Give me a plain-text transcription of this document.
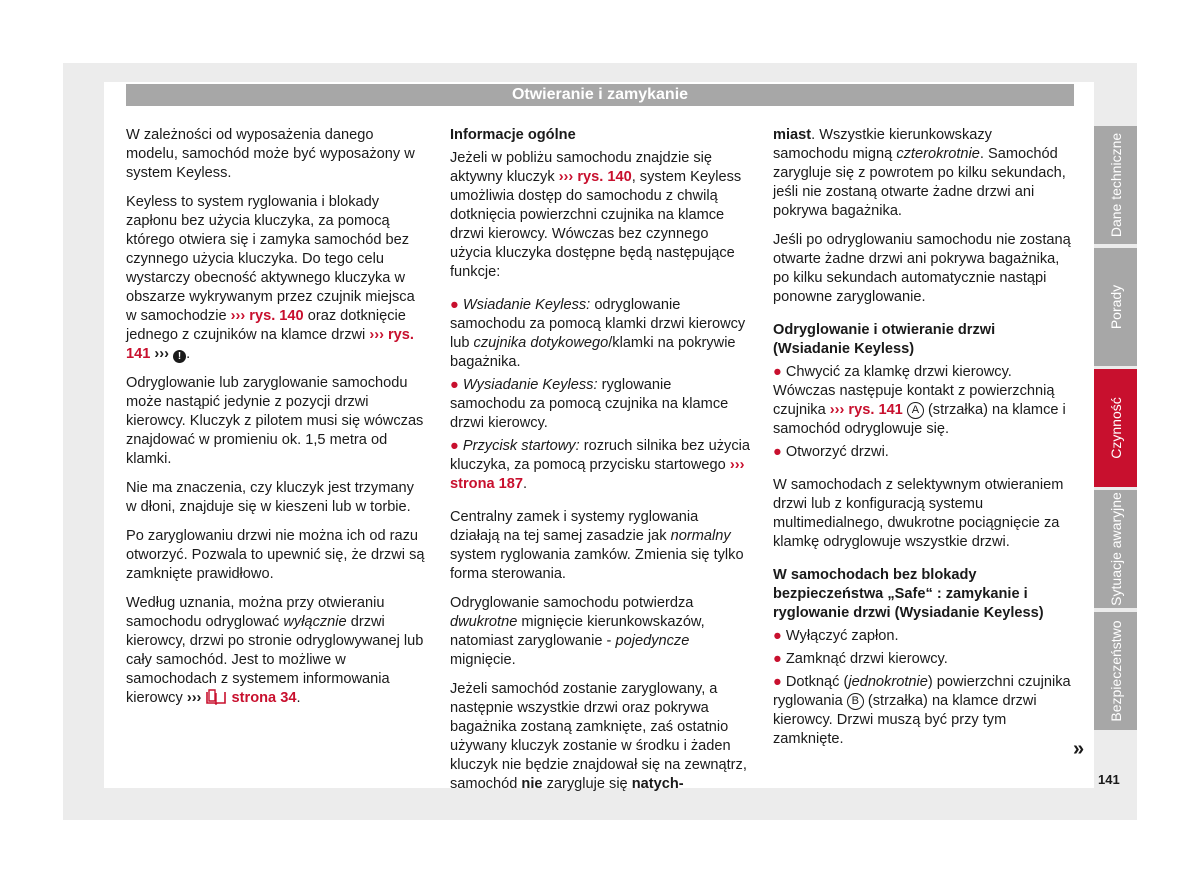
Otwieranie i zamykanie

W zależności od wyposażenia danego modelu, samochód może być wyposażony w system Keyless.

Keyless to system ryglowania i blokady zapłonu bez użycia kluczyka, za pomocą którego otwiera się i zamyka samochód bez czynnego użycia kluczyka. Do tego celu wystarczy obecność aktywnego kluczyka w obszarze wykrywanym przez czujnik miejsca w samochodzie ››› rys. 140 oraz dotknięcie jednego z czujników na klamce drzwi ››› rys. 141 ››› ! .

Odryglowanie lub zaryglowanie samochodu może nastąpić jedynie z pozycji drzwi kierowcy. Kluczyk z pilotem musi się wówczas znajdować w promieniu ok. 1,5 metra od klamki.

Nie ma znaczenia, czy kluczyk jest trzymany w dłoni, znajduje się w kieszeni lub w torbie.

Po zaryglowaniu drzwi nie można ich od razu otworzyć. Pozwala to upewnić się, że drzwi są zamknięte prawidłowo.

Według uznania, można przy otwieraniu samochodu odryglować wyłącznie drzwi kierowcy, drzwi po stronie odryglowywanej lub cały samochód. Jest to możliwe w samochodach z systemem informowania kierowcy ››› strona 34.

Informacje ogólne

Jeżeli w pobliżu samochodu znajdzie się aktywny kluczyk ››› rys. 140, system Keyless umożliwia dostęp do samochodu z chwilą dotknięcia powierzchni czujnika na klamce drzwi kierowcy. Wówczas bez czynnego użycia kluczyka dostępne będą następujące funkcje:

● Wsiadanie Keyless: odryglowanie samochodu za pomocą klamki drzwi kierowcy lub czujnika dotykowego/klamki na pokrywie bagażnika.

● Wysiadanie Keyless: ryglowanie samochodu za pomocą czujnika na klamce drzwi kierowcy.

● Przycisk startowy: rozruch silnika bez użycia kluczyka, za pomocą przycisku startowego ››› strona 187.

Centralny zamek i systemy ryglowania działają na tej samej zasadzie jak normalny system ryglowania zamków. Zmienia się tylko forma sterowania.

Odryglowanie samochodu potwierdza dwukrotne mignięcie kierunkowskazów, natomiast zaryglowanie - pojedyncze mignięcie.

Jeżeli samochód zostanie zaryglowany, a następnie wszystkie drzwi oraz pokrywa bagażnika zostaną zamknięte, zaś ostatnio używany kluczyk zostanie w środku i żaden kluczyk nie będzie znajdował się na zewnątrz, samochód nie zarygluje się natych-

miast. Wszystkie kierunkowskazy samochodu migną czterokrotnie. Samochód zarygluje się z powrotem po kilku sekundach, jeśli nie zostaną otwarte żadne drzwi ani pokrywa bagażnika.

Jeśli po odryglowaniu samochodu nie zostaną otwarte żadne drzwi ani pokrywa bagażnika, po kilku sekundach automatycznie nastąpi ponowne zaryglowanie.

Odryglowanie i otwieranie drzwi (Wsiadanie Keyless)

● Chwycić za klamkę drzwi kierowcy. Wówczas następuje kontakt z powierzchnią czujnika ››› rys. 141 A (strzałka) na klamce i samochód odryglowuje się.

● Otworzyć drzwi.

W samochodach z selektywnym otwieraniem drzwi lub z konfiguracją systemu multimedialnego, dwukrotne pociągnięcie za klamkę odryglowuje wszystkie drzwi.

W samochodach bez blokady bezpieczeństwa „Safe“ : zamykanie i ryglowanie drzwi (Wysiadanie Keyless)

● Wyłączyć zapłon.

● Zamknąć drzwi kierowcy.

● Dotknąć (jednokrotnie) powierzchni czujnika ryglowania B (strzałka) na klamce drzwi kierowcy. Drzwi muszą być przy tym zamknięte.

Dane techniczne
Porady
Czynność
Sytuacje awaryjne
Bezpieczeństwo
»
141
